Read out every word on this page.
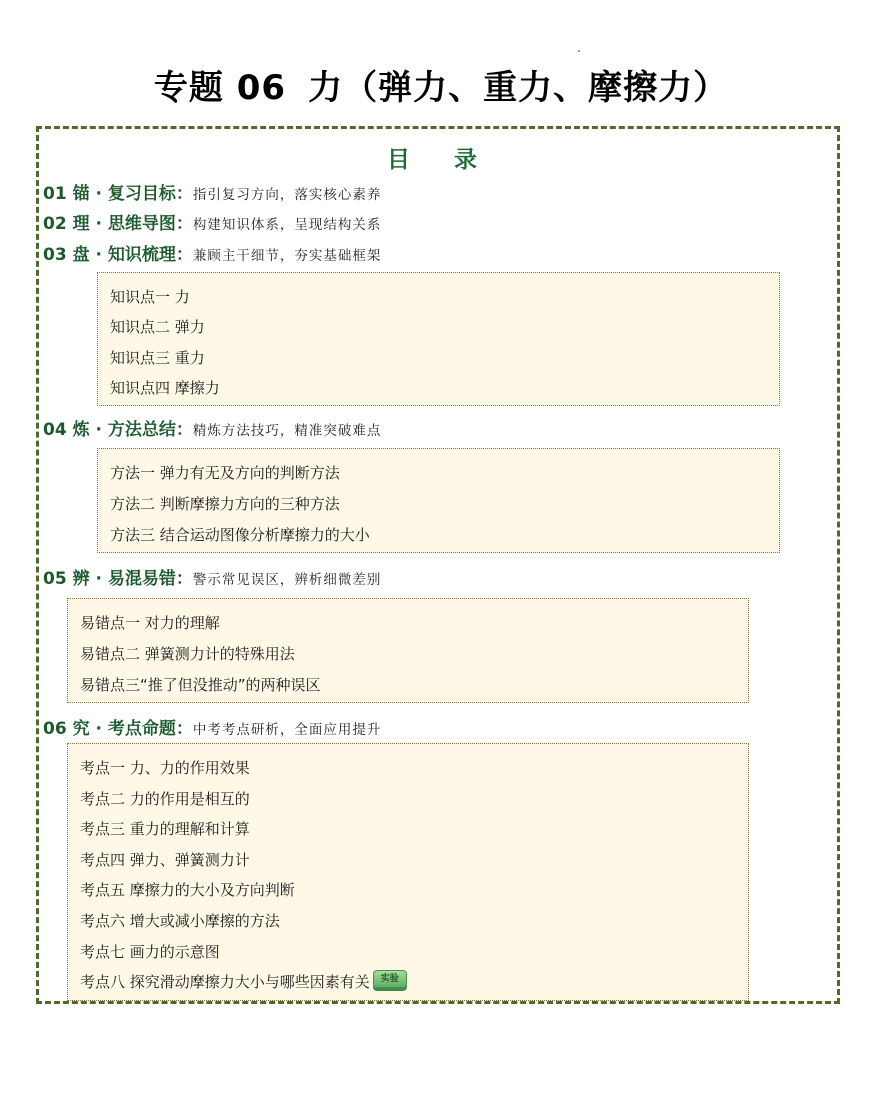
专题 06 力（弹力、重力、摩擦力）
目 录
01 锚 · 复习目标：指引复习方向，落实核心素养
02 理 · 思维导图：构建知识体系，呈现结构关系
03 盘 · 知识梳理：兼顾主干细节，夯实基础框架
知识点一 力
知识点二 弹力
知识点三 重力
知识点四 摩擦力
04 炼 · 方法总结：精炼方法技巧，精准突破难点
方法一 弹力有无及方向的判断方法
方法二 判断摩擦力方向的三种方法
方法三 结合运动图像分析摩擦力的大小
05 辨 · 易混易错：警示常见误区，辨析细微差别
易错点一 对力的理解
易错点二 弹簧测力计的特殊用法
易错点三“推了但没推动”的两种误区
06 究 · 考点命题：中考考点研析，全面应用提升
考点一 力、力的作用效果
考点二 力的作用是相互的
考点三 重力的理解和计算
考点四 弹力、弹簧测力计
考点五 摩擦力的大小及方向判断
考点六 增大或减小摩擦的方法
考点七 画力的示意图
考点八 探究滑动摩擦力大小与哪些因素有关 实验
